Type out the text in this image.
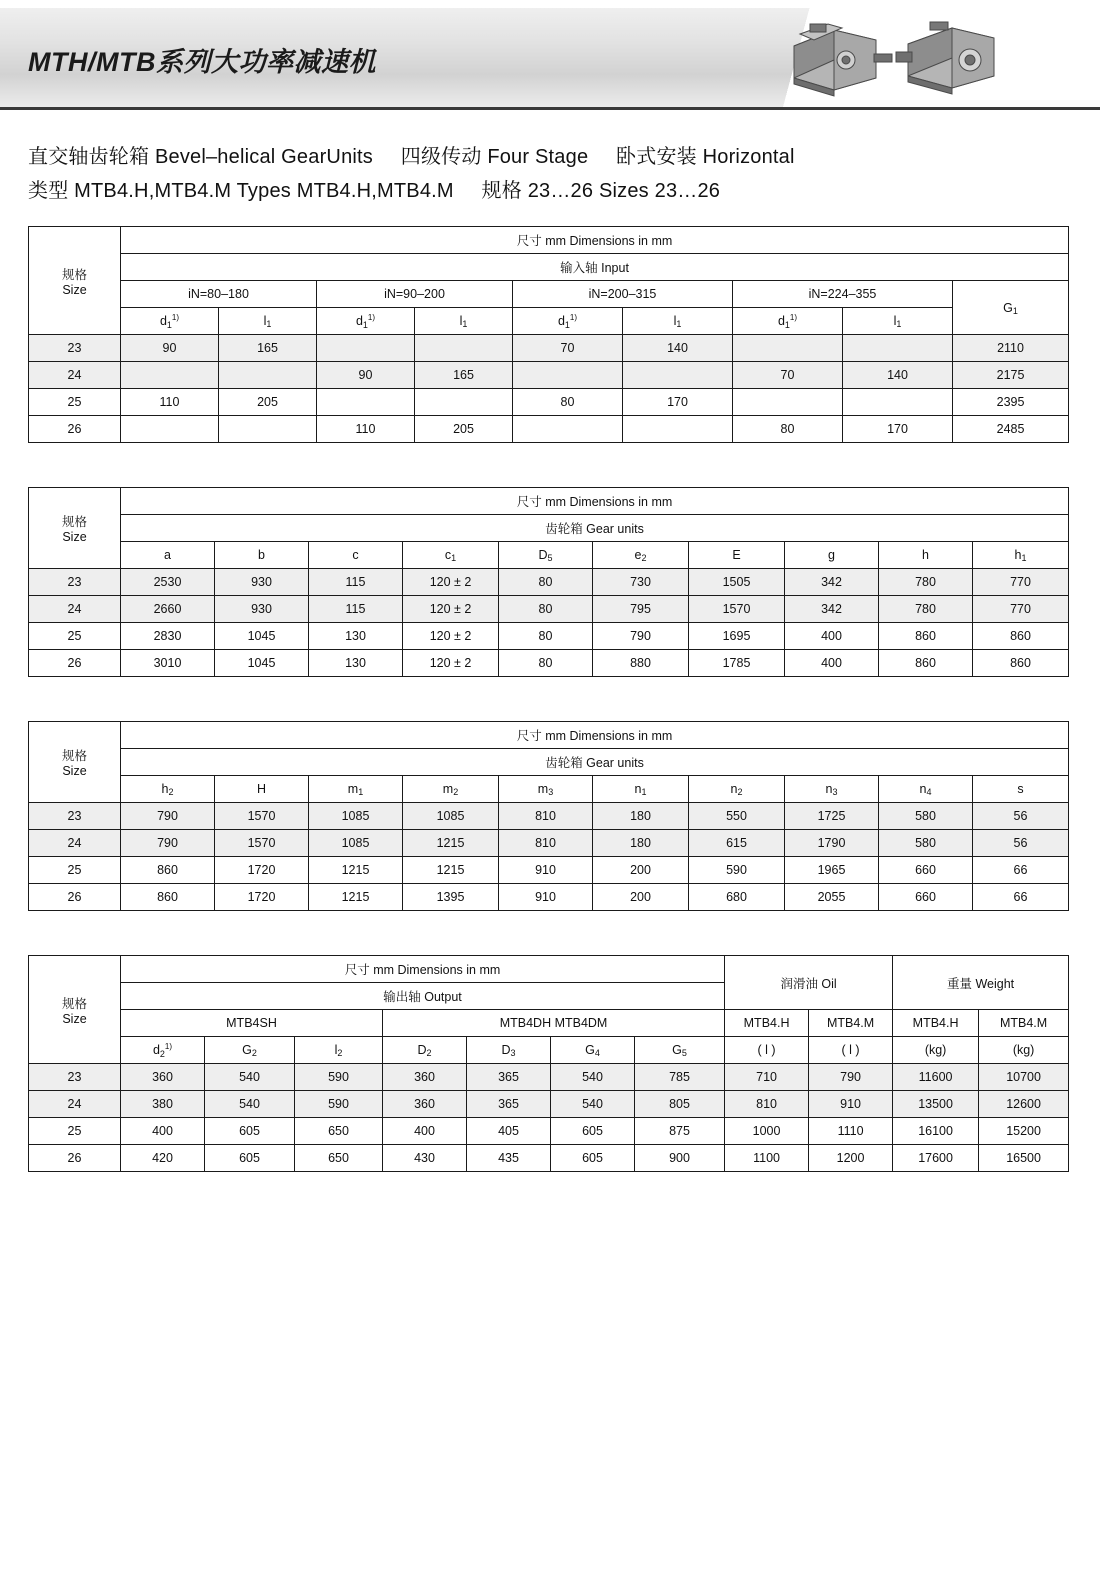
MTH/MTB系列大功率减速机
直交轴齿轮箱 Bevel–helical GearUnits 四级传动 Four Stage 卧式安装 Horizontal
类型 MTB4.H,MTB4.M Types MTB4.H,MTB4.M 规格 23…26 Sizes 23…26
规格
Size	尺寸 mm Dimensions in mm								
	输入轴 Input								
	iN=80–180		iN=90–200		iN=200–315		iN=224–355		$G_1$
	$d_1^{1)}$	$l_1$	$d_1^{1)}$	$l_1$	$d_1^{1)}$	$l_1$	$d_1^{1)}$	$l_1$
23	90	165			70	140			2110
24			90	165			70	140	2175
25	110	205			80	170			2395
26			110	205			80	170	2485
规格
Size	尺寸 mm Dimensions in mm									
	齿轮箱 Gear units									
	a	b	c	$c_1$	$D_5$	$e_2$	E	g	h	$h_1$
23	2530	930	115	120 ± 2	80	730	1505	342	780	770
24	2660	930	115	120 ± 2	80	795	1570	342	780	770
25	2830	1045	130	120 ± 2	80	790	1695	400	860	860
26	3010	1045	130	120 ± 2	80	880	1785	400	860	860
规格
Size	尺寸 mm Dimensions in mm									
	齿轮箱 Gear units									
	$h_2$	H	$m_1$	$m_2$	$m_3$	$n_1$	$n_2$	$n_3$	$n_4$	s
23	790	1570	1085	1085	810	180	550	1725	580	56
24	790	1570	1085	1215	810	180	615	1790	580	56
25	860	1720	1215	1215	910	200	590	1965	660	66
26	860	1720	1215	1395	910	200	680	2055	660	66
规格
Size	尺寸 mm Dimensions in mm							润滑油 Oil		重量 Weight	
	输出轴 Output										
	MTB4SH			MTB4DH MTB4DM				MTB4.H	MTB4.M	MTB4.H	MTB4.M
	$d_2^{1)}$	$G_2$	$l_2$	$D_2$	$D_3$	$G_4$	$G_5$	( l )	( l )	(kg)	(kg)
23	360	540	590	360	365	540	785	710	790	11600	10700
24	380	540	590	360	365	540	805	810	910	13500	12600
25	400	605	650	400	405	605	875	1000	1110	16100	15200
26	420	605	650	430	435	605	900	1100	1200	17600	16500
